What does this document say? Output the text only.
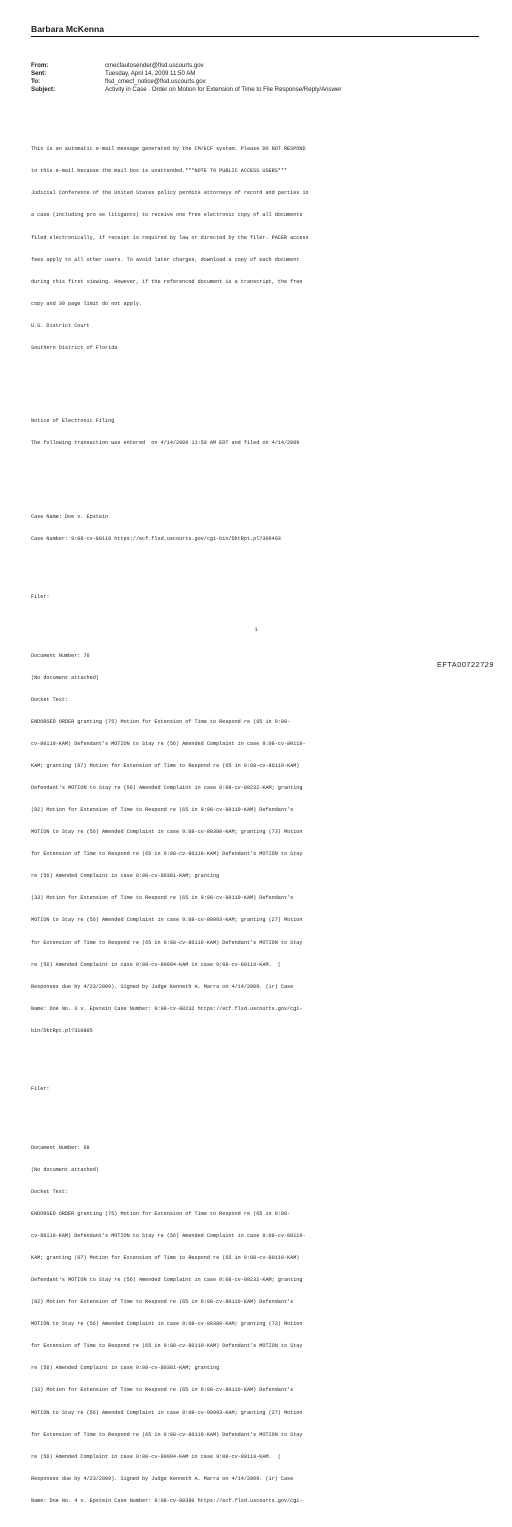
Barbara McKenna
From:	cmecfautosender@flsd.uscourts.gov
Sent:	Tuesday, April 14, 2009 11:50 AM
To:	flsd_cmecf_notice@flsd.uscourts.gov
Subject:	Activity in Case . Order on Motion for Extension of Time to File Response/Reply/Answer

This is an automatic e-mail message generated by the CM/ECF system. Please DO NOT RESPOND

to this e-mail because the mail box is unattended.***NOTE TO PUBLIC ACCESS USERS***

Judicial Conference of the United States policy permits attorneys of record and parties in

a case (including pro se litigants) to receive one free electronic copy of all documents

filed electronically, if receipt is required by law or directed by the filer. PACER access

fees apply to all other users. To avoid later charges, download a copy of each document

during this first viewing. However, if the referenced document is a transcript, the free

copy and 30 page limit do not apply.

U.S. District Court

Southern District of Florida

Notice of Electronic Filing

The following transaction was entered  on 4/14/2009 11:50 AM EDT and filed on 4/14/2009

Case Name: Doe v. Epstein

Case Number: 9:08-cv-80119 https://ecf.flsd.uscourts.gov/cgi-bin/DktRpt.pl?309403

Filer:

Document Number: 76

(No document attached)

Docket Text:

ENDORSED ORDER granting (75) Motion for Extension of Time to Respond re (65 in 9:08-

cv-80119-KAM) Defendant's MOTION to Stay re (56) Amended Complaint in case 9:08-cv-80119-

KAM; granting (67) Motion for Extension of Time to Respond re (65 in 9:08-cv-80119-KAM)

Defendant's MOTION to Stay re (56) Amended Complaint in case 9:08-cv-80232-KAM; granting

(82) Motion for Extension of Time to Respond re (65 in 9:08-cv-80119-KAM) Defendant's

MOTION to Stay re (56) Amended Complaint in case 9:08-cv-80380-KAM; granting (73) Motion

for Extension of Time to Respond re (65 in 9:08-cv-80119-KAM) Defendant's MOTION to Stay

re (56) Amended Complaint in case 9:08-cv-80381-KAM; granting

(33) Motion for Extension of Time to Respond re (65 in 9:08-cv-80119-KAM) Defendant's

MOTION to Stay re (56) Amended Complaint in case 9:08-cv-80993-KAM; granting (27) Motion

for Extension of Time to Respond re (65 in 9:08-cv-80119-KAM) Defendant's MOTION to Stay

re (56) Amended Complaint in case 9:08-cv-80994-KAM in case 9:08-cv-80119-KAM.  (

Responses due by 4/23/2009). Signed by Judge Kenneth A. Marra on 4/14/2009. (ir) Case

Name: Doe No. 3 v. Epstein Case Number: 9:08-cv-80232 https://ecf.flsd.uscourts.gov/cgi-

bin/DktRpt.pl?310805

Filer:

Document Number: 68

(No document attached)

Docket Text:

ENDORSED ORDER granting (75) Motion for Extension of Time to Respond re (65 in 9:08-

cv-80119-KAM) Defendant's MOTION to Stay re (56) Amended Complaint in case 9:08-cv-80119-

KAM; granting (67) Motion for Extension of Time to Respond re (65 in 9:08-cv-80119-KAM)

Defendant's MOTION to Stay re (56) Amended Complaint in case 9:08-cv-80232-KAM; granting

(82) Motion for Extension of Time to Respond re (65 in 9:08-cv-80119-KAM) Defendant's

MOTION to Stay re (56) Amended Complaint in case 9:08-cv-80380-KAM; granting (73) Motion

for Extension of Time to Respond re (65 in 9:08-cv-80119-KAM) Defendant's MOTION to Stay

re (56) Amended Complaint in case 9:08-cv-80381-KAM; granting

(33) Motion for Extension of Time to Respond re (65 in 9:08-cv-80119-KAM) Defendant's

MOTION to Stay re (56) Amended Complaint in case 9:08-cv-80993-KAM; granting (27) Motion

for Extension of Time to Respond re (65 in 9:08-cv-80119-KAM) Defendant's MOTION to Stay

re (56) Amended Complaint in case 9:08-cv-80994-KAM in case 9:08-cv-80119-KAM.  (

Responses due by 4/23/2009). Signed by Judge Kenneth A. Marra on 4/14/2009. (ir) Case

Name: Doe No. 4 v. Epstein Case Number: 9:08-cv-80380 https://ecf.flsd.uscourts.gov/cgi-

1
EFTA00722729
